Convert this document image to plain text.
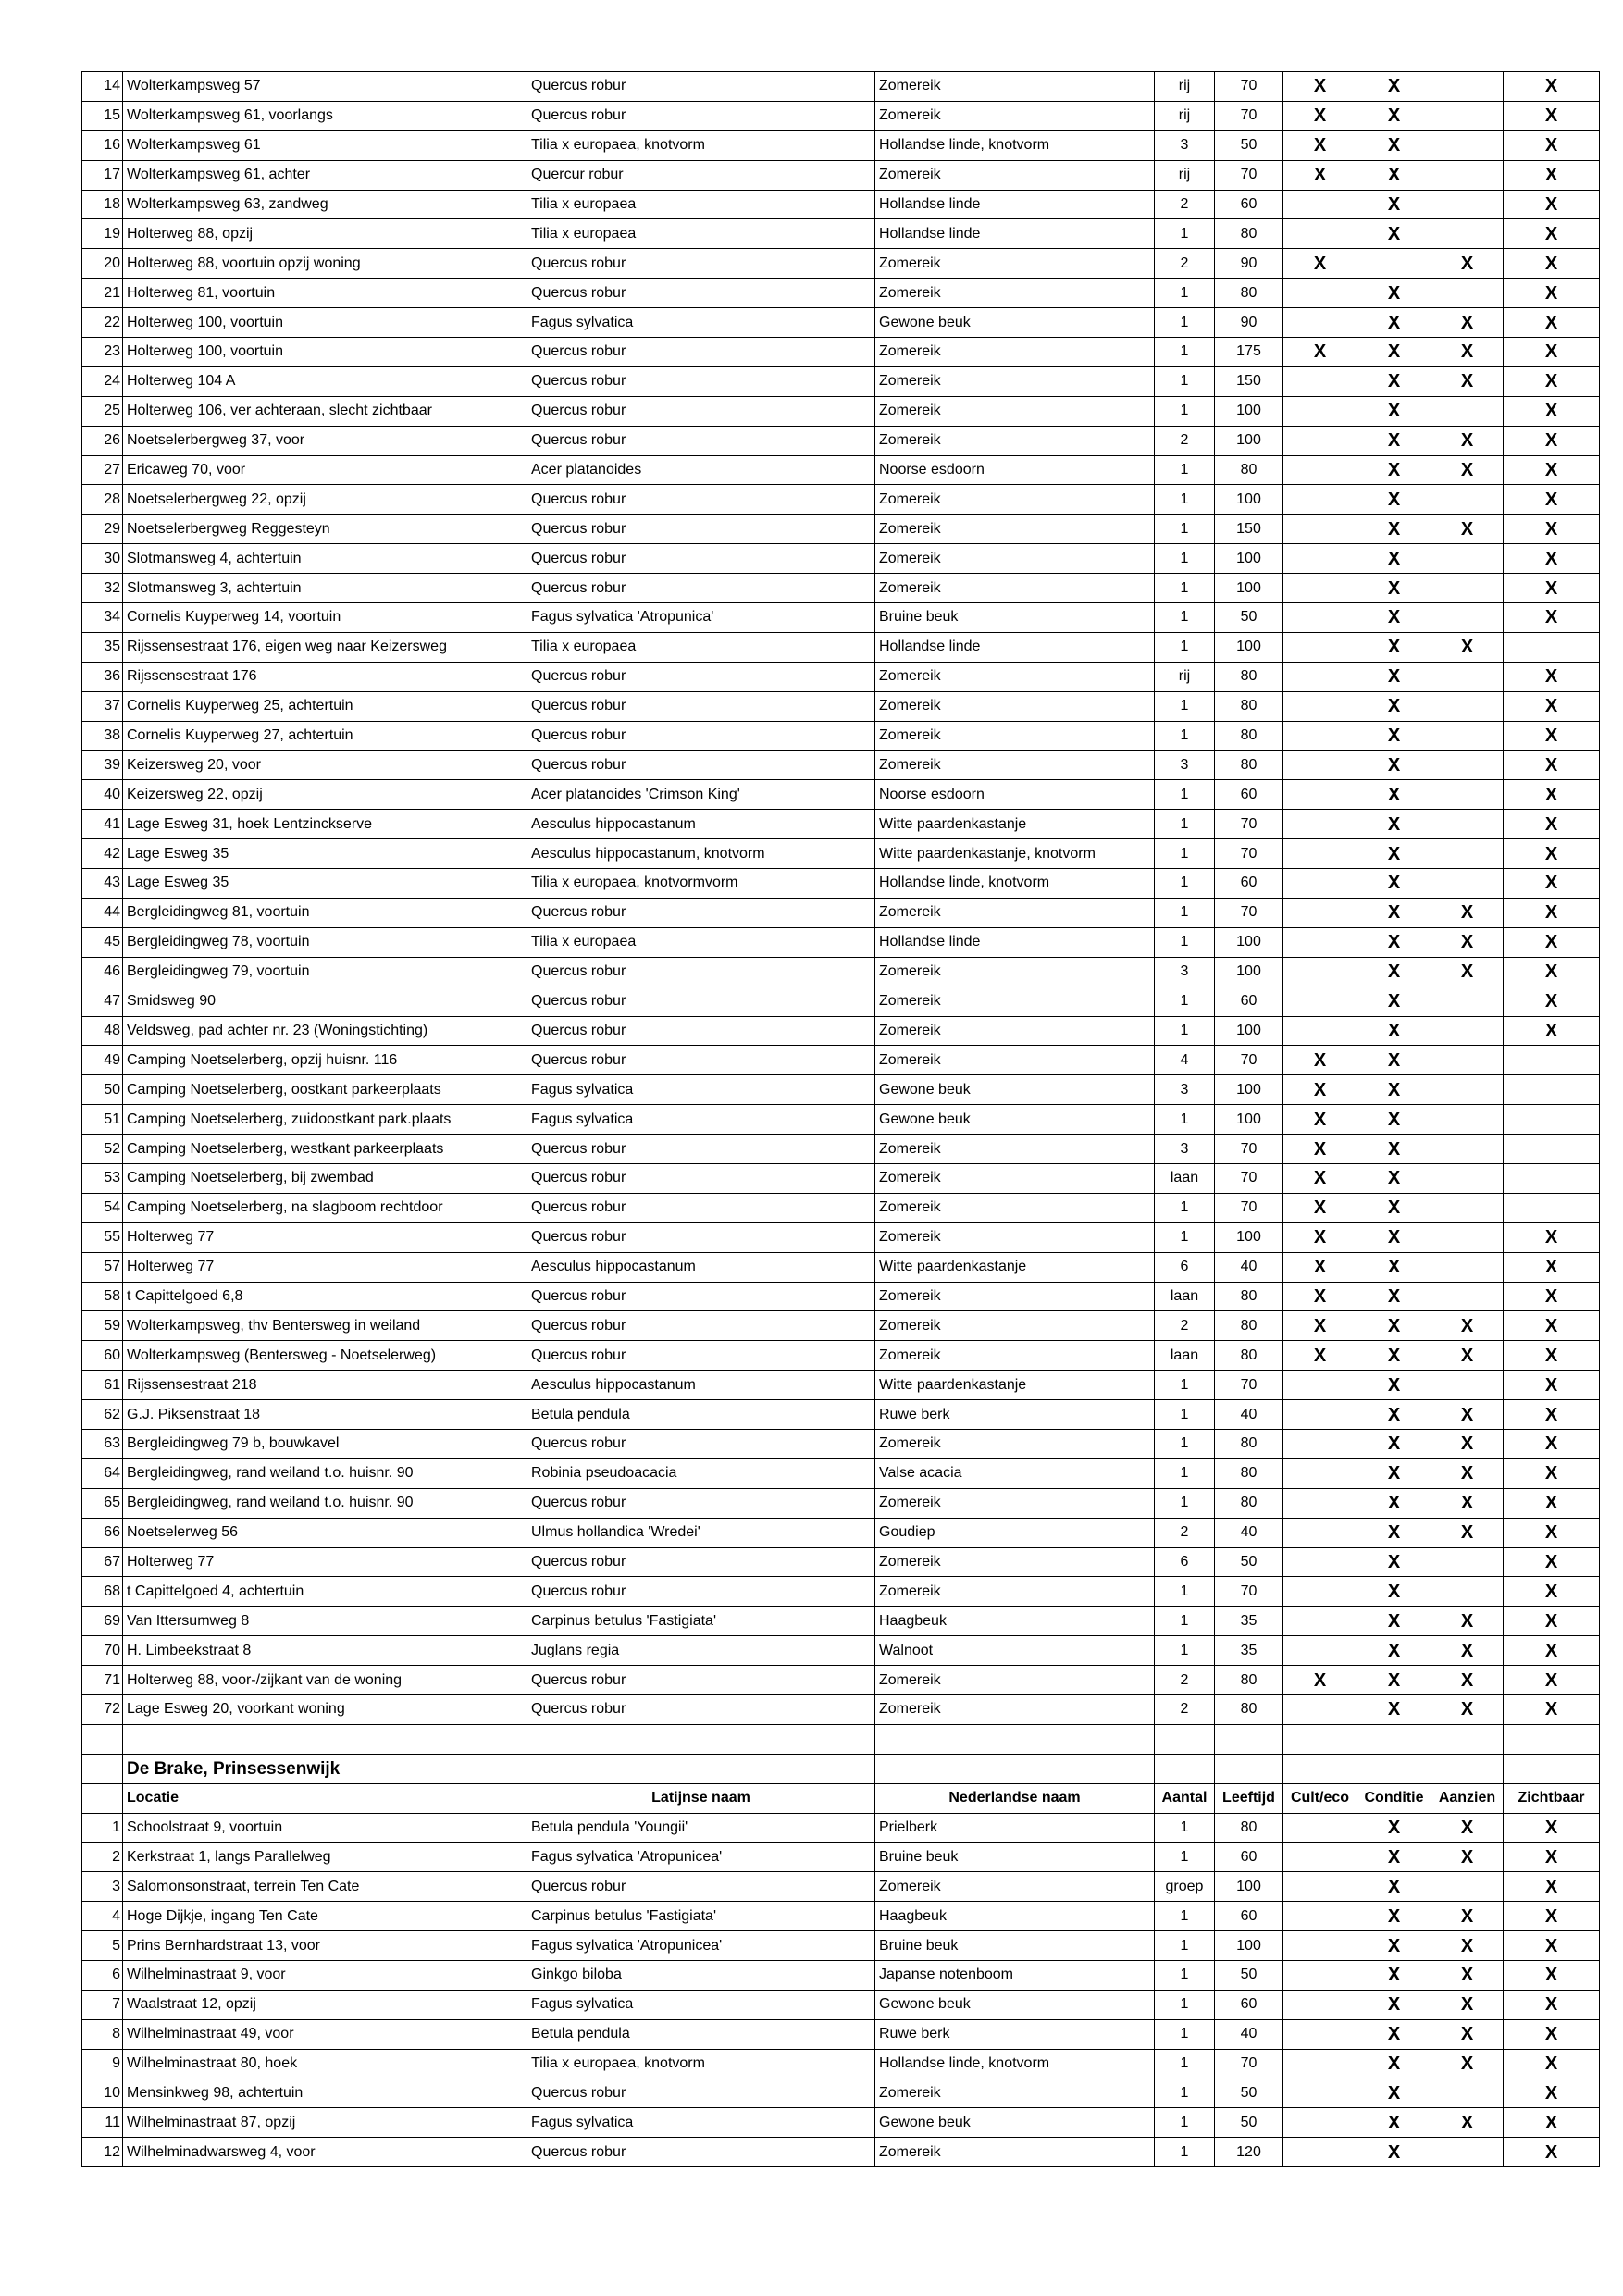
14	Wolterkampsweg 57	Quercus robur	Zomereik	rij	70	X	X		X
15	Wolterkampsweg 61, voorlangs	Quercus robur	Zomereik	rij	70	X	X		X
16	Wolterkampsweg 61	Tilia x europaea, knotvorm	Hollandse linde, knotvorm	3	50	X	X		X
17	Wolterkampsweg 61, achter	Quercur robur	Zomereik	rij	70	X	X		X
18	Wolterkampsweg 63, zandweg	Tilia x europaea	Hollandse linde	2	60		X		X
19	Holterweg 88, opzij	Tilia x europaea	Hollandse linde	1	80		X		X
20	Holterweg 88, voortuin opzij woning	Quercus robur	Zomereik	2	90	X		X	X
21	Holterweg 81, voortuin	Quercus robur	Zomereik	1	80		X		X
22	Holterweg 100, voortuin	Fagus sylvatica	Gewone beuk	1	90		X	X	X
23	Holterweg 100, voortuin	Quercus robur	Zomereik	1	175	X	X	X	X
24	Holterweg 104 A	Quercus robur	Zomereik	1	150		X	X	X
25	Holterweg 106, ver achteraan, slecht zichtbaar	Quercus robur	Zomereik	1	100		X		X
26	Noetselerbergweg 37, voor	Quercus robur	Zomereik	2	100		X	X	X
27	Ericaweg 70, voor	Acer platanoides	Noorse esdoorn	1	80		X	X	X
28	Noetselerbergweg 22, opzij	Quercus robur	Zomereik	1	100		X		X
29	Noetselerbergweg Reggesteyn	Quercus robur	Zomereik	1	150		X	X	X
30	Slotmansweg 4, achtertuin	Quercus robur	Zomereik	1	100		X		X
32	Slotmansweg 3, achtertuin	Quercus robur	Zomereik	1	100		X		X
34	Cornelis Kuyperweg 14, voortuin	Fagus sylvatica 'Atropunica'	Bruine beuk	1	50		X		X
35	Rijssensestraat 176, eigen weg naar Keizersweg	Tilia x europaea	Hollandse linde	1	100		X	X	
36	Rijssensestraat 176	Quercus robur	Zomereik	rij	80		X		X
37	Cornelis Kuyperweg 25, achtertuin	Quercus robur	Zomereik	1	80		X		X
38	Cornelis Kuyperweg 27, achtertuin	Quercus robur	Zomereik	1	80		X		X
39	Keizersweg 20, voor	Quercus robur	Zomereik	3	80		X		X
40	Keizersweg 22, opzij	Acer platanoides 'Crimson King'	Noorse esdoorn	1	60		X		X
41	Lage Esweg 31, hoek Lentzinckserve	Aesculus hippocastanum	Witte paardenkastanje	1	70		X		X
42	Lage Esweg 35	Aesculus hippocastanum, knotvorm	Witte paardenkastanje, knotvorm	1	70		X		X
43	Lage Esweg 35	Tilia x europaea, knotvormvorm	Hollandse linde, knotvorm	1	60		X		X
44	Bergleidingweg 81, voortuin	Quercus robur	Zomereik	1	70		X	X	X
45	Bergleidingweg 78, voortuin	Tilia x europaea	Hollandse linde	1	100		X	X	X
46	Bergleidingweg 79, voortuin	Quercus robur	Zomereik	3	100		X	X	X
47	Smidsweg 90	Quercus robur	Zomereik	1	60		X		X
48	Veldsweg, pad achter nr. 23 (Woningstichting)	Quercus robur	Zomereik	1	100		X		X
49	Camping Noetselerberg, opzij huisnr. 116	Quercus robur	Zomereik	4	70	X	X		
50	Camping Noetselerberg, oostkant parkeerplaats	Fagus sylvatica	Gewone beuk	3	100	X	X		
51	Camping Noetselerberg, zuidoostkant park.plaats	Fagus sylvatica	Gewone beuk	1	100	X	X		
52	Camping Noetselerberg, westkant parkeerplaats	Quercus robur	Zomereik	3	70	X	X		
53	Camping Noetselerberg, bij zwembad	Quercus robur	Zomereik	laan	70	X	X		
54	Camping Noetselerberg, na slagboom rechtdoor	Quercus robur	Zomereik	1	70	X	X		
55	Holterweg 77	Quercus robur	Zomereik	1	100	X	X		X
57	Holterweg 77	Aesculus hippocastanum	Witte paardenkastanje	6	40	X	X		X
58	t Capittelgoed 6,8	Quercus robur	Zomereik	laan	80	X	X		X
59	Wolterkampsweg, thv Bentersweg in weiland	Quercus robur	Zomereik	2	80	X	X	X	X
60	Wolterkampsweg (Bentersweg - Noetselerweg)	Quercus robur	Zomereik	laan	80	X	X	X	X
61	Rijssensestraat 218	Aesculus hippocastanum	Witte paardenkastanje	1	70		X		X
62	G.J. Piksenstraat 18	Betula pendula	Ruwe berk	1	40		X	X	X
63	Bergleidingweg 79 b, bouwkavel	Quercus robur	Zomereik	1	80		X	X	X
64	Bergleidingweg, rand weiland t.o. huisnr. 90	Robinia pseudoacacia	Valse acacia	1	80		X	X	X
65	Bergleidingweg, rand weiland t.o. huisnr. 90	Quercus robur	Zomereik	1	80		X	X	X
66	Noetselerweg 56	Ulmus hollandica 'Wredei'	Goudiep	2	40		X	X	X
67	Holterweg 77	Quercus robur	Zomereik	6	50		X		X
68	t Capittelgoed 4, achtertuin	Quercus robur	Zomereik	1	70		X		X
69	Van Ittersumweg 8	Carpinus betulus 'Fastigiata'	Haagbeuk	1	35		X	X	X
70	H. Limbeekstraat 8	Juglans regia	Walnoot	1	35		X	X	X
71	Holterweg 88, voor-/zijkant van de woning	Quercus robur	Zomereik	2	80	X	X	X	X
72	Lage Esweg 20, voorkant woning	Quercus robur	Zomereik	2	80		X	X	X

	De Brake, Prinsessenwijk								
	Locatie	Latijnse naam	Nederlandse naam	Aantal	Leeftijd	Cult/eco	Conditie	Aanzien	Zichtbaar
1	Schoolstraat 9, voortuin	Betula pendula 'Youngii'	Prielberk	1	80		X	X	X
2	Kerkstraat 1, langs Parallelweg	Fagus sylvatica 'Atropunicea'	Bruine beuk	1	60		X	X	X
3	Salomonsonstraat, terrein Ten Cate	Quercus robur	Zomereik	groep	100		X		X
4	Hoge Dijkje, ingang Ten Cate	Carpinus betulus 'Fastigiata'	Haagbeuk	1	60		X	X	X
5	Prins Bernhardstraat 13, voor	Fagus sylvatica 'Atropunicea'	Bruine beuk	1	100		X	X	X
6	Wilhelminastraat 9, voor	Ginkgo biloba	Japanse notenboom	1	50		X	X	X
7	Waalstraat 12, opzij	Fagus sylvatica	Gewone beuk	1	60		X	X	X
8	Wilhelminastraat 49, voor	Betula pendula	Ruwe berk	1	40		X	X	X
9	Wilhelminastraat 80, hoek	Tilia x europaea, knotvorm	Hollandse linde, knotvorm	1	70		X	X	X
10	Mensinkweg 98, achtertuin	Quercus robur	Zomereik	1	50		X		X
11	Wilhelminastraat 87, opzij	Fagus sylvatica	Gewone beuk	1	50		X	X	X
12	Wilhelminadwarsweg 4, voor	Quercus robur	Zomereik	1	120		X		X
